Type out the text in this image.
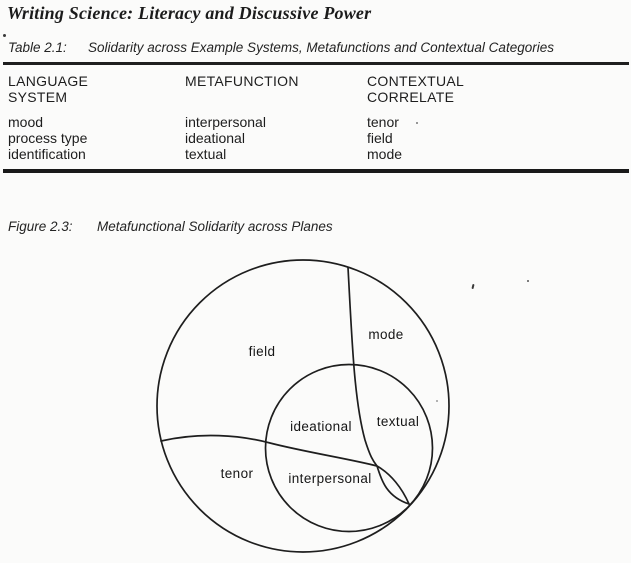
Writing Science: Literacy and Discussive Power
Table 2.1: Solidarity across Example Systems, Metafunctions and Contextual Categories
LANGUAGE
SYSTEM
METAFUNCTION	CONTEXTUAL
CORRELATE
mood
process type
identification
interpersonal
ideational
textual
tenor
field
mode
Figure 2.3: Metafunctional Solidarity across Planes
field
mode
ideational textual
tenor	interpersonal
